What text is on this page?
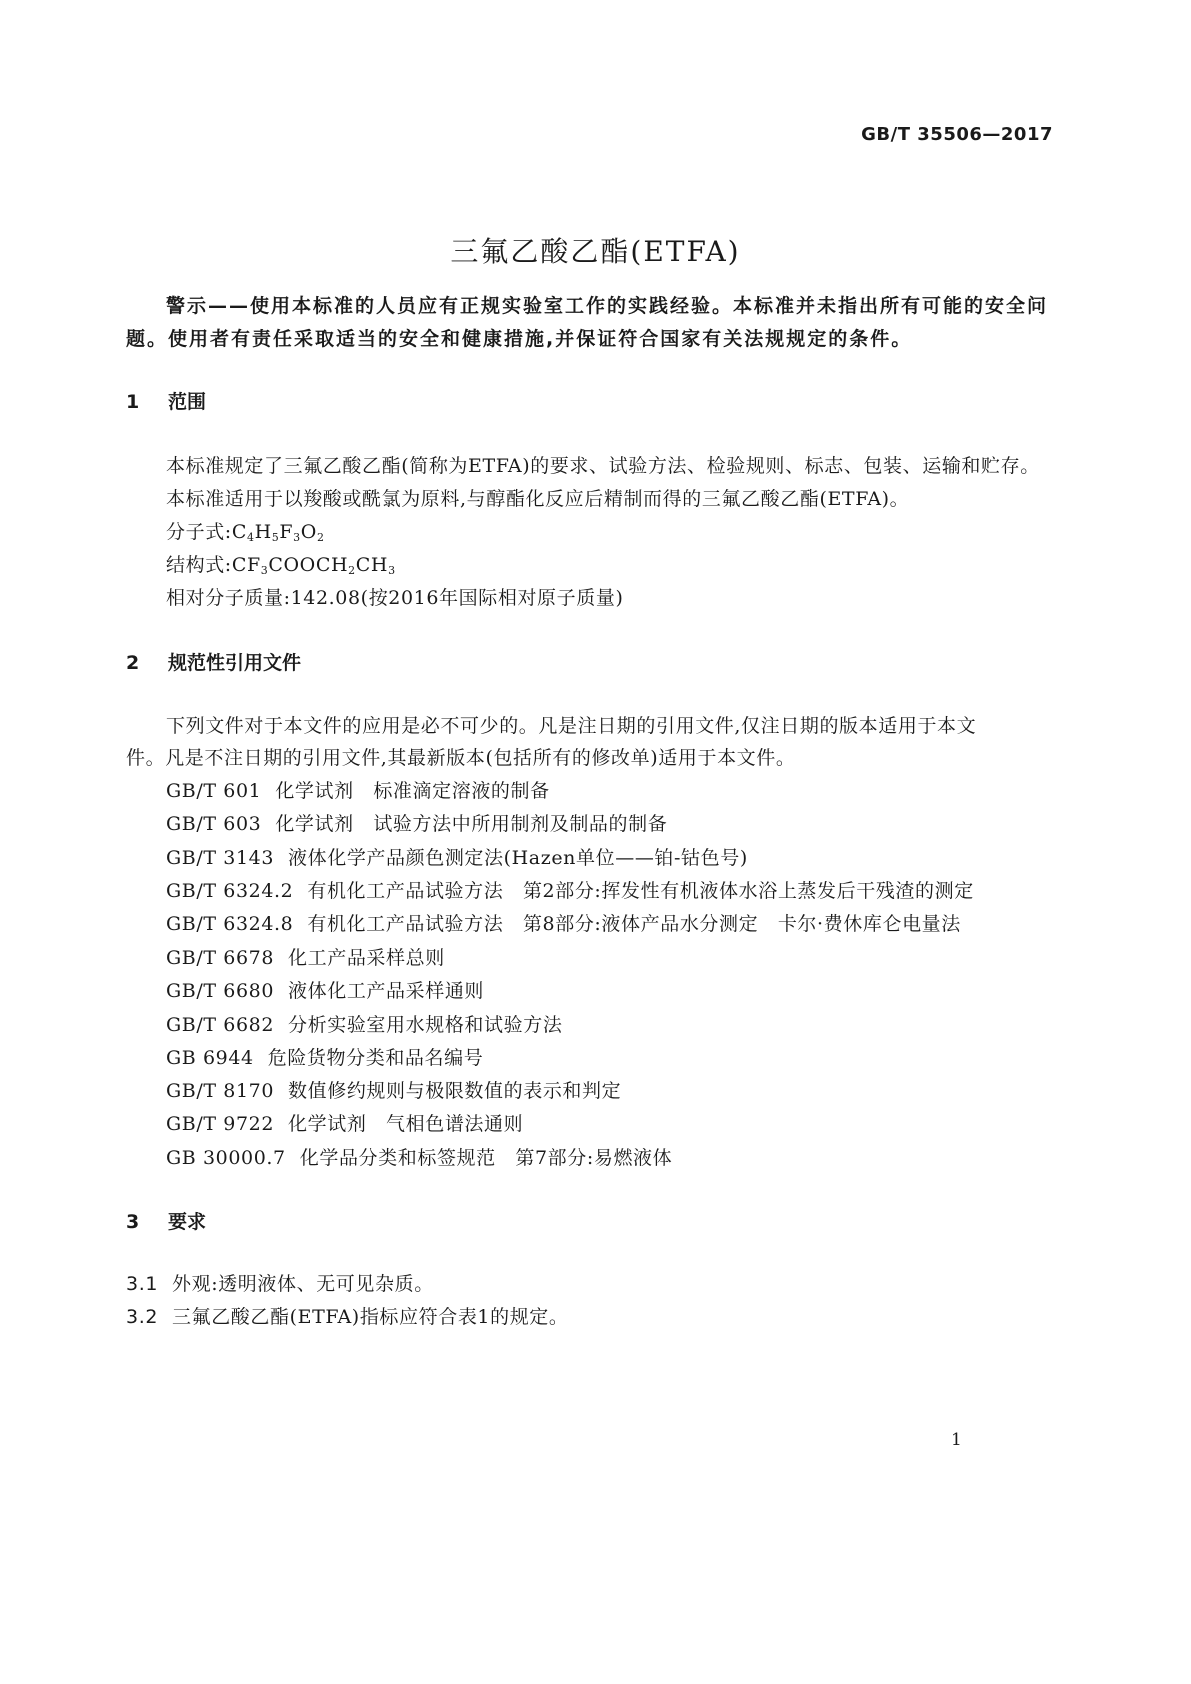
GB/T 35506—2017
三氟乙酸乙酯(ETFA)
警示——使用本标准的人员应有正规实验室工作的实践经验。本标准并未指出所有可能的安全问
题。使用者有责任采取适当的安全和健康措施,并保证符合国家有关法规规定的条件。
1 范围
本标准规定了三氟乙酸乙酯(简称为ETFA)的要求、试验方法、检验规则、标志、包装、运输和贮存。
本标准适用于以羧酸或酰氯为原料,与醇酯化反应后精制而得的三氟乙酸乙酯(ETFA)。
分子式$:C_4H_5F_3O_2$
结构式$:CF_3COOCH_2CH_3$
相对分子质量:142.08(按2016年国际相对原子质量)
2 规范性引用文件
下列文件对于本文件的应用是必不可少的。凡是注日期的引用文件,仅注日期的版本适用于本文
件。凡是不注日期的引用文件,其最新版本(包括所有的修改单)适用于本文件。
GB/T 601 化学试剂　标准滴定溶液的制备
GB/T 603 化学试剂　试验方法中所用制剂及制品的制备
GB/T 3143 液体化学产品颜色测定法(Hazen单位——铂-钴色号)
GB/T 6324.2 有机化工产品试验方法　第2部分:挥发性有机液体水浴上蒸发后干残渣的测定
GB/T 6324.8 有机化工产品试验方法　第8部分:液体产品水分测定　卡尔·费休库仑电量法
GB/T 6678 化工产品采样总则
GB/T 6680 液体化工产品采样通则
GB/T 6682 分析实验室用水规格和试验方法
GB 6944 危险货物分类和品名编号
GB/T 8170 数值修约规则与极限数值的表示和判定
GB/T 9722 化学试剂　气相色谱法通则
GB 30000.7 化学品分类和标签规范　第7部分:易燃液体
3 要求
3.1 外观:透明液体、无可见杂质。
3.2 三氟乙酸乙酯(ETFA)指标应符合表1的规定。
1
